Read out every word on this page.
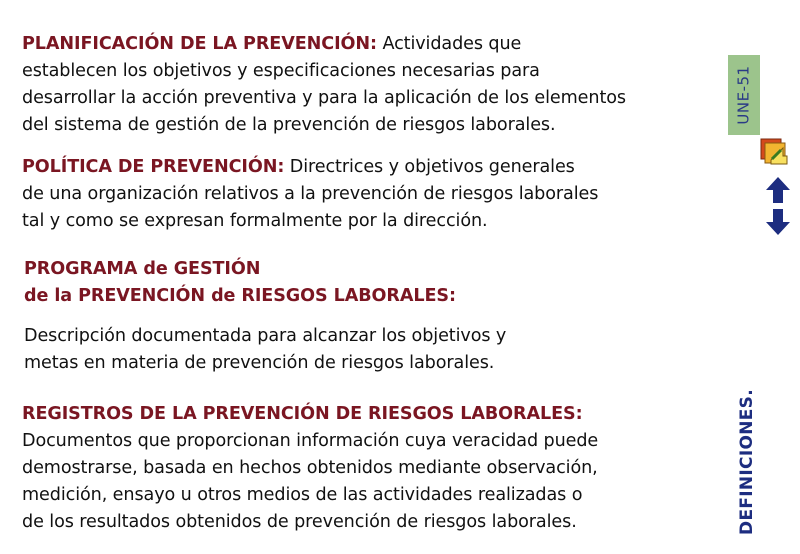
PLANIFICACIÓN DE LA PREVENCIÓN: Actividades que
establecen los objetivos y especificaciones necesarias para
desarrollar la acción preventiva y para la aplicación de los elementos
del sistema de gestión de la prevención de riesgos laborales.
POLÍTICA DE PREVENCIÓN: Directrices y objetivos generales
de una organización relativos a la prevención de riesgos laborales
tal y como se expresan formalmente por la dirección.
PROGRAMA de GESTIÓN
de la PREVENCIÓN de RIESGOS LABORALES:
Descripción documentada para alcanzar los objetivos y
metas en materia de prevención de riesgos laborales.
REGISTROS DE LA PREVENCIÓN DE RIESGOS LABORALES:
Documentos que proporcionan información cuya veracidad puede
demostrarse, basada en hechos obtenidos mediante observación,
medición, ensayo u otros medios de las actividades realizadas o
de los resultados obtenidos de prevención de riesgos laborales.
UNE-51
DEFINICIONES.
